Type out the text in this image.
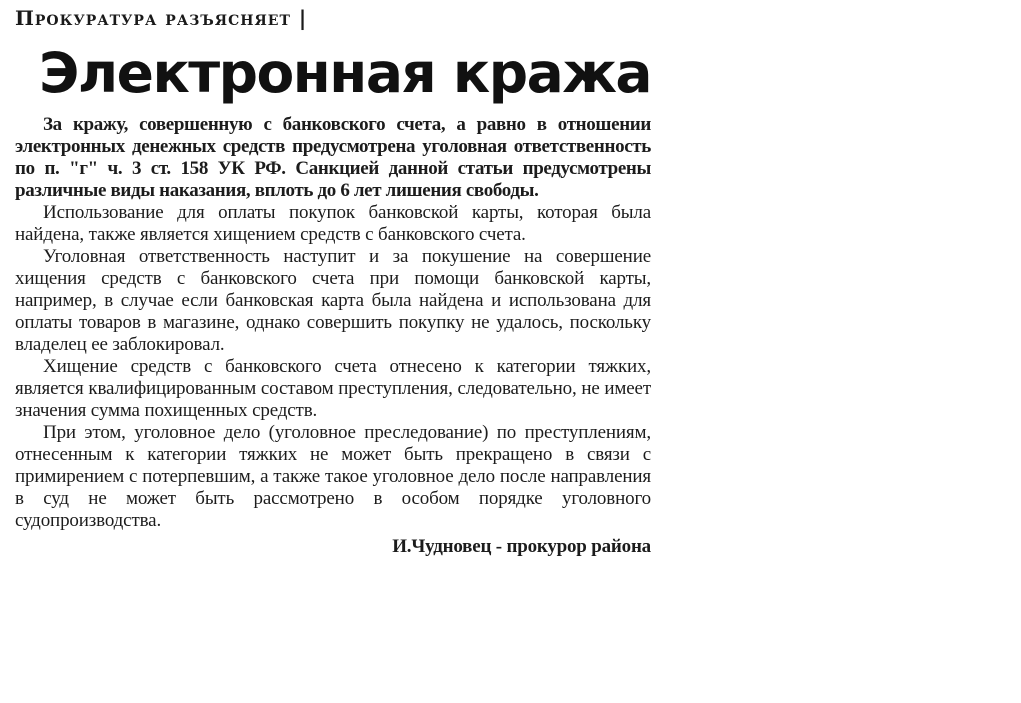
Прокуратура разъясняет |
Электронная кража

За кражу, совершенную с банковского счета, а равно в отношении электронных денежных средств предусмотрена уголовная ответственность по п. "г" ч. 3 ст. 158 УК РФ. Санкцией данной статьи предусмотрены различные виды наказания, вплоть до 6 лет лишения свободы.

Использование для оплаты покупок банковской карты, которая была найдена, также является хищением средств с банковского счета.

Уголовная ответственность наступит и за покушение на совершение хищения средств с банковского счета при помощи банковской карты, например, в случае если банковская карта была найдена и использована для оплаты товаров в магазине, однако совершить покупку не удалось, поскольку владелец ее заблокировал.

Хищение средств с банковского счета отнесено к категории тяжких, является квалифицированным составом преступления, следовательно, не имеет значения сумма похищенных средств.

При этом, уголовное дело (уголовное преследование) по преступлениям, отнесенным к категории тяжких не может быть прекращено в связи с примирением с потерпевшим, а также такое уголовное дело после направления в суд не может быть рассмотрено в особом порядке уголовного судопроизводства.

И.Чудновец - прокурор района
